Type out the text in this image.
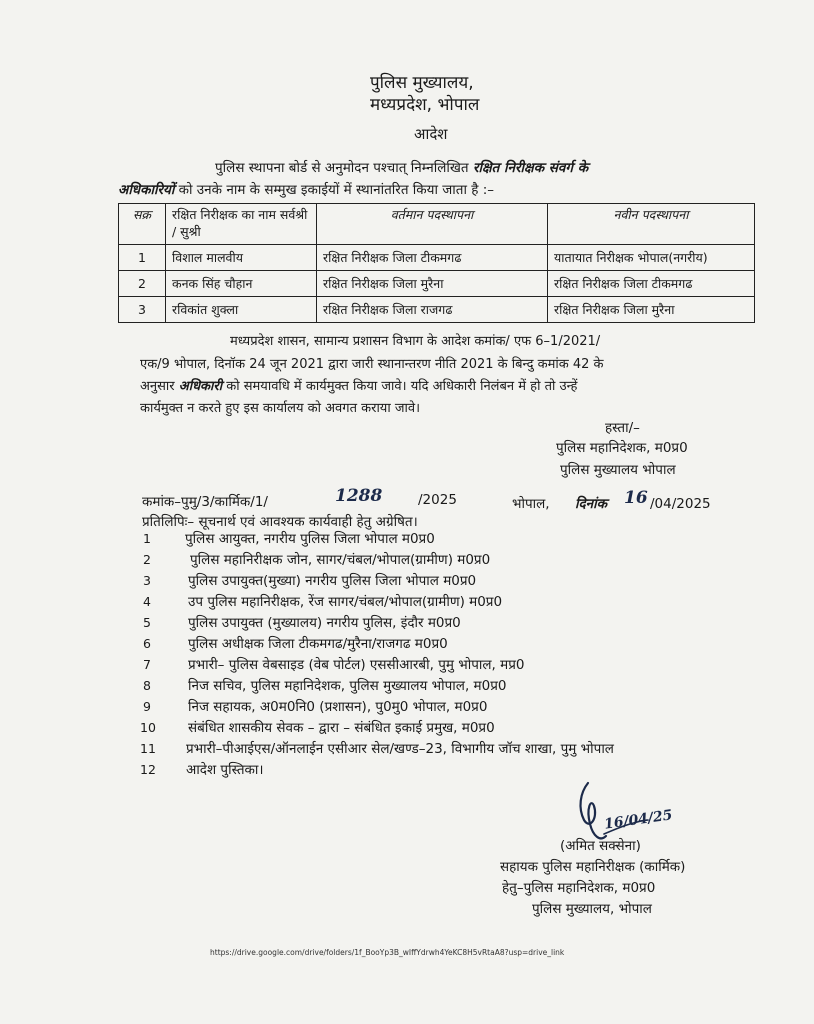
पुलिस मुख्यालय,
मध्यप्रदेश, भोपाल
आदेश
पुलिस स्थापना बोर्ड से अनुमोदन पश्चात् निम्नलिखित रक्षित निरीक्षक संवर्ग के
अधिकारियों को उनके नाम के सम्मुख इकाईयों में स्थानांतरित किया जाता है :–
सक्र	रक्षित निरीक्षक का नाम सर्वश्री / सुश्री	वर्तमान पदस्थापना	नवीन पदस्थापना
1	विशाल मालवीय	रक्षित निरीक्षक जिला टीकमगढ	यातायात निरीक्षक भोपाल(नगरीय)
2	कनक सिंह चौहान	रक्षित निरीक्षक जिला मुरैना	रक्षित निरीक्षक जिला टीकमगढ
3	रविकांत शुक्ला	रक्षित निरीक्षक जिला राजगढ	रक्षित निरीक्षक जिला मुरैना
मध्यप्रदेश शासन, सामान्य प्रशासन विभाग के आदेश कमांक/ एफ 6–1/2021/
एक/9 भोपाल, दिनॉक 24 जून 2021 द्वारा जारी स्थानान्तरण नीति 2021 के बिन्दु कमांक 42 के
अनुसार अधिकारी को समयावधि में कार्यमुक्त किया जावे। यदि अधिकारी निलंबन में हो तो उन्हें
कार्यमुक्त न करते हुए इस कार्यालय को अवगत कराया जावे।
हस्ता/–
पुलिस महानिदेशक, म0प्र0
पुलिस मुख्यालय भोपाल
कमांक–पुमु/3/कार्मिक/1/	1288	/2025	भोपाल, दिनांक 16 /04/2025
प्रतिलिपिः– सूचनार्थ एवं आवश्यक कार्यवाही हेतु अग्रेषित।
1	पुलिस आयुक्त, नगरीय पुलिस जिला भोपाल म0प्र0
2	पुलिस महानिरीक्षक जोन, सागर/चंबल/भोपाल(ग्रामीण) म0प्र0
3	पुलिस उपायुक्त(मुख्या) नगरीय पुलिस जिला भोपाल म0प्र0
4	उप पुलिस महानिरीक्षक, रेंज सागर/चंबल/भोपाल(ग्रामीण) म0प्र0
5	पुलिस उपायुक्त (मुख्यालय) नगरीय पुलिस, इंदौर म0प्र0
6	पुलिस अधीक्षक जिला टीकमगढ/मुरैना/राजगढ म0प्र0
7	प्रभारी– पुलिस वेबसाइड (वेब पोर्टल) एससीआरबी, पुमु भोपाल, मप्र0
8	निज सचिव, पुलिस महानिदेशक, पुलिस मुख्यालय भोपाल, म0प्र0
9	निज सहायक, अ0म0नि0 (प्रशासन), पु0मु0 भोपाल, म0प्र0
10 संबंधित शासकीय सेवक – द्वारा – संबंधित इकाई प्रमुख, म0प्र0
11 प्रभारी–पीआईएस/ऑनलाईन एसीआर सेल/खण्ड–23, विभागीय जॉच शाखा, पुमु भोपाल
12 आदेश पुस्तिका।
16/04/25
(अमित सक्सेना)
सहायक पुलिस महानिरीक्षक (कार्मिक)
हेतु–पुलिस महानिदेशक, म0प्र0
पुलिस मुख्यालय, भोपाल
https://drive.google.com/drive/folders/1f_BooYp3B_wIffYdrwh4YeKC8H5vRtaA8?usp=drive_link
